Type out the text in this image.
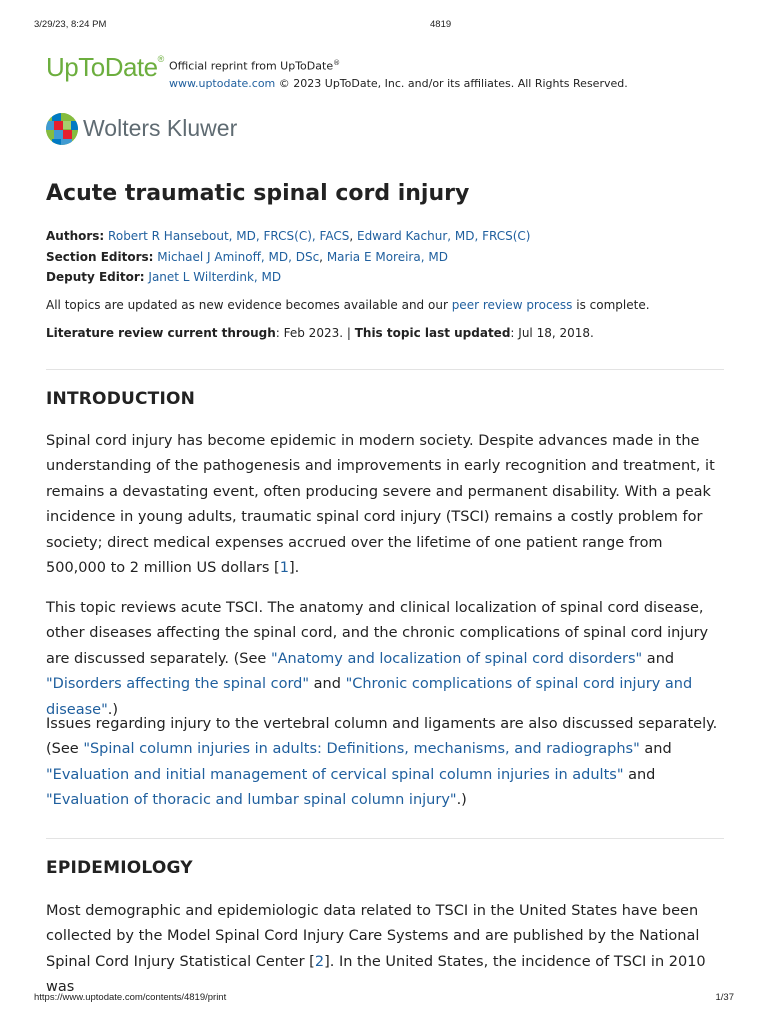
3/29/23, 8:24 PM	4819
UpToDate®
Official reprint from UpToDate®
www.uptodate.com © 2023 UpToDate, Inc. and/or its affiliates. All Rights Reserved.
Wolters Kluwer
Acute traumatic spinal cord injury
Authors: Robert R Hansebout, MD, FRCS(C), FACS, Edward Kachur, MD, FRCS(C)
Section Editors: Michael J Aminoff, MD, DSc, Maria E Moreira, MD
Deputy Editor: Janet L Wilterdink, MD
All topics are updated as new evidence becomes available and our peer review process is complete.
Literature review current through: Feb 2023. | This topic last updated: Jul 18, 2018.
INTRODUCTION

Spinal cord injury has become epidemic in modern society. Despite advances made in the understanding of the pathogenesis and improvements in early recognition and treatment, it remains a devastating event, often producing severe and permanent disability. With a peak incidence in young adults, traumatic spinal cord injury (TSCI) remains a costly problem for society; direct medical expenses accrued over the lifetime of one patient range from 500,000 to 2 million US dollars [1].

This topic reviews acute TSCI. The anatomy and clinical localization of spinal cord disease, other diseases affecting the spinal cord, and the chronic complications of spinal cord injury are discussed separately. (See "Anatomy and localization of spinal cord disorders" and "Disorders affecting the spinal cord" and "Chronic complications of spinal cord injury and disease".)

Issues regarding injury to the vertebral column and ligaments are also discussed separately. (See "Spinal column injuries in adults: Definitions, mechanisms, and radiographs" and "Evaluation and initial management of cervical spinal column injuries in adults" and "Evaluation of thoracic and lumbar spinal column injury".)

EPIDEMIOLOGY

Most demographic and epidemiologic data related to TSCI in the United States have been collected by the Model Spinal Cord Injury Care Systems and are published by the National Spinal Cord Injury Statistical Center [2]. In the United States, the incidence of TSCI in 2010 was

https://www.uptodate.com/contents/4819/print	1/37
